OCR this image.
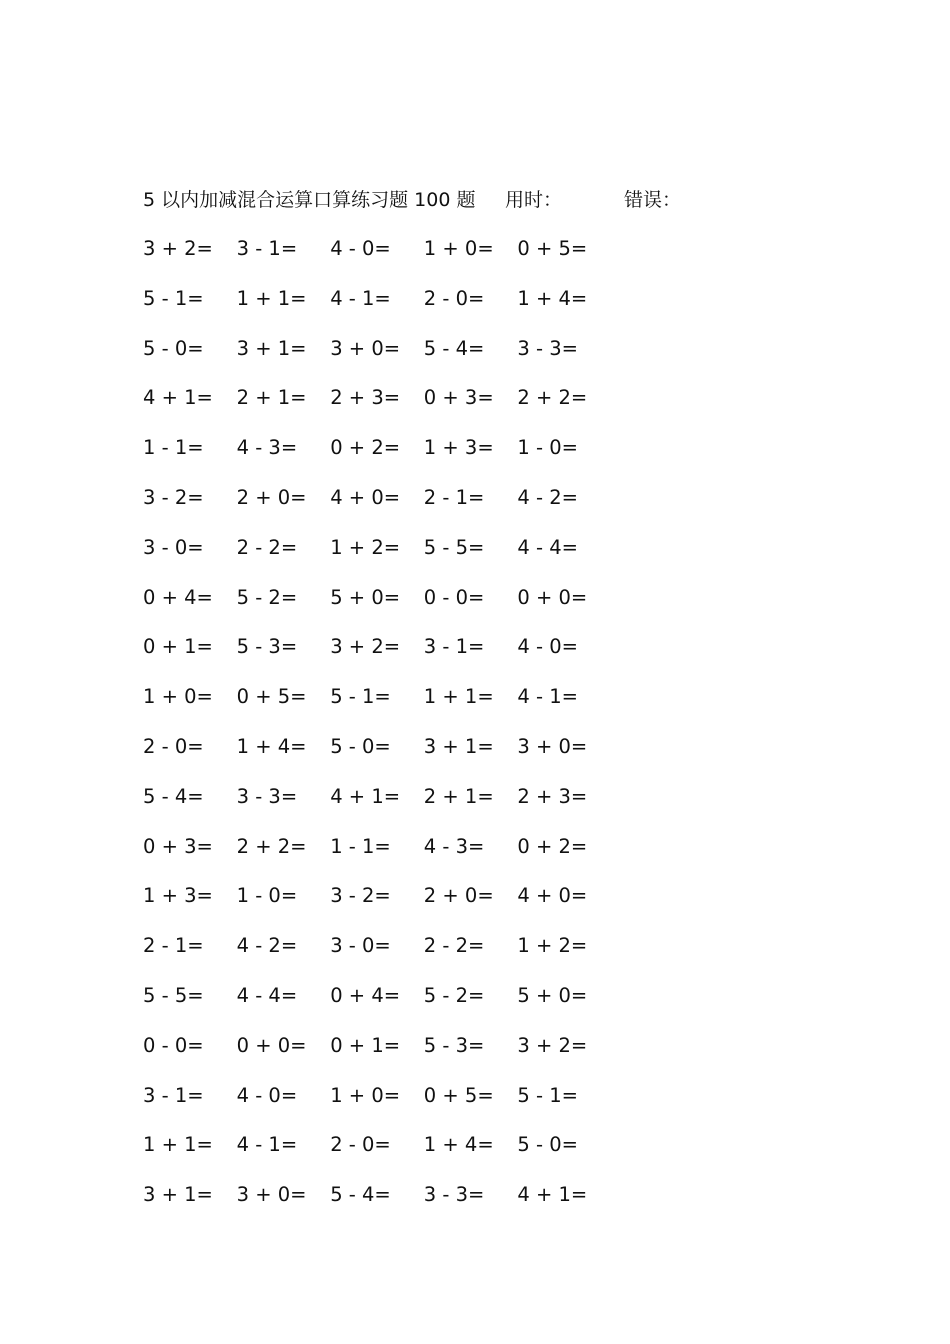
5 以内加减混合运算口算练习题 100 题 用时：	错误：
3 + 2=	3 - 1=	4 - 0=	1 + 0=	0 + 5=
5 - 1=	1 + 1=	4 - 1=	2 - 0=	1 + 4=
5 - 0=	3 + 1=	3 + 0=	5 - 4=	3 - 3=
4 + 1=	2 + 1=	2 + 3=	0 + 3=	2 + 2=
1 - 1=	4 - 3=	0 + 2=	1 + 3=	1 - 0=
3 - 2=	2 + 0=	4 + 0=	2 - 1=	4 - 2=
3 - 0=	2 - 2=	1 + 2=	5 - 5=	4 - 4=
0 + 4=	5 - 2=	5 + 0=	0 - 0=	0 + 0=
0 + 1=	5 - 3=	3 + 2=	3 - 1=	4 - 0=
1 + 0=	0 + 5=	5 - 1=	1 + 1=	4 - 1=
2 - 0=	1 + 4=	5 - 0=	3 + 1=	3 + 0=
5 - 4=	3 - 3=	4 + 1=	2 + 1=	2 + 3=
0 + 3=	2 + 2=	1 - 1=	4 - 3=	0 + 2=
1 + 3=	1 - 0=	3 - 2=	2 + 0=	4 + 0=
2 - 1=	4 - 2=	3 - 0=	2 - 2=	1 + 2=
5 - 5=	4 - 4=	0 + 4=	5 - 2=	5 + 0=
0 - 0=	0 + 0=	0 + 1=	5 - 3=	3 + 2=
3 - 1=	4 - 0=	1 + 0=	0 + 5=	5 - 1=
1 + 1=	4 - 1=	2 - 0=	1 + 4=	5 - 0=
3 + 1=	3 + 0=	5 - 4=	3 - 3=	4 + 1=
